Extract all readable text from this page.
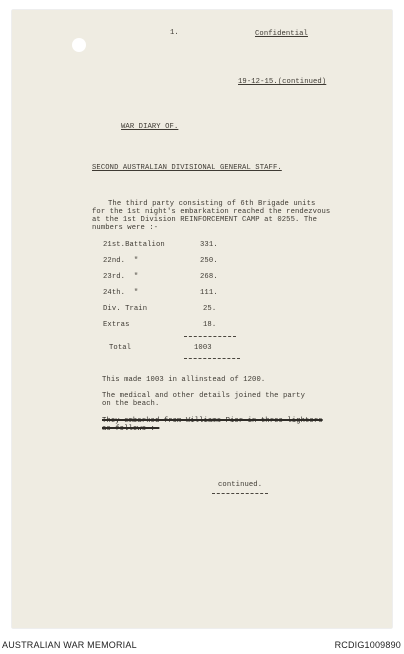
1.	Confidential
19-12-15.(continued)
WAR DIARY OF.
SECOND AUSTRALIAN DIVISIONAL GENERAL STAFF.
The third party consisting of 6th Brigade units
for the 1st night's embarkation reached the rendezvous
at the 1st Division REINFORCEMENT CAMP at 0255. The
numbers were :-
21st.Battalion	331.
22nd.  "	250.
23rd.  "	268.
24th.  "	111.
Div. Train	25.
Extras	18.
Total	1003
This made 1003 in allinstead of 1200.
The medical and other details joined the party
on the beach.
They embarked from Williams Pier in three lighters
as follows :-
continued.
AUSTRALIAN WAR MEMORIAL	RCDIG1009890
